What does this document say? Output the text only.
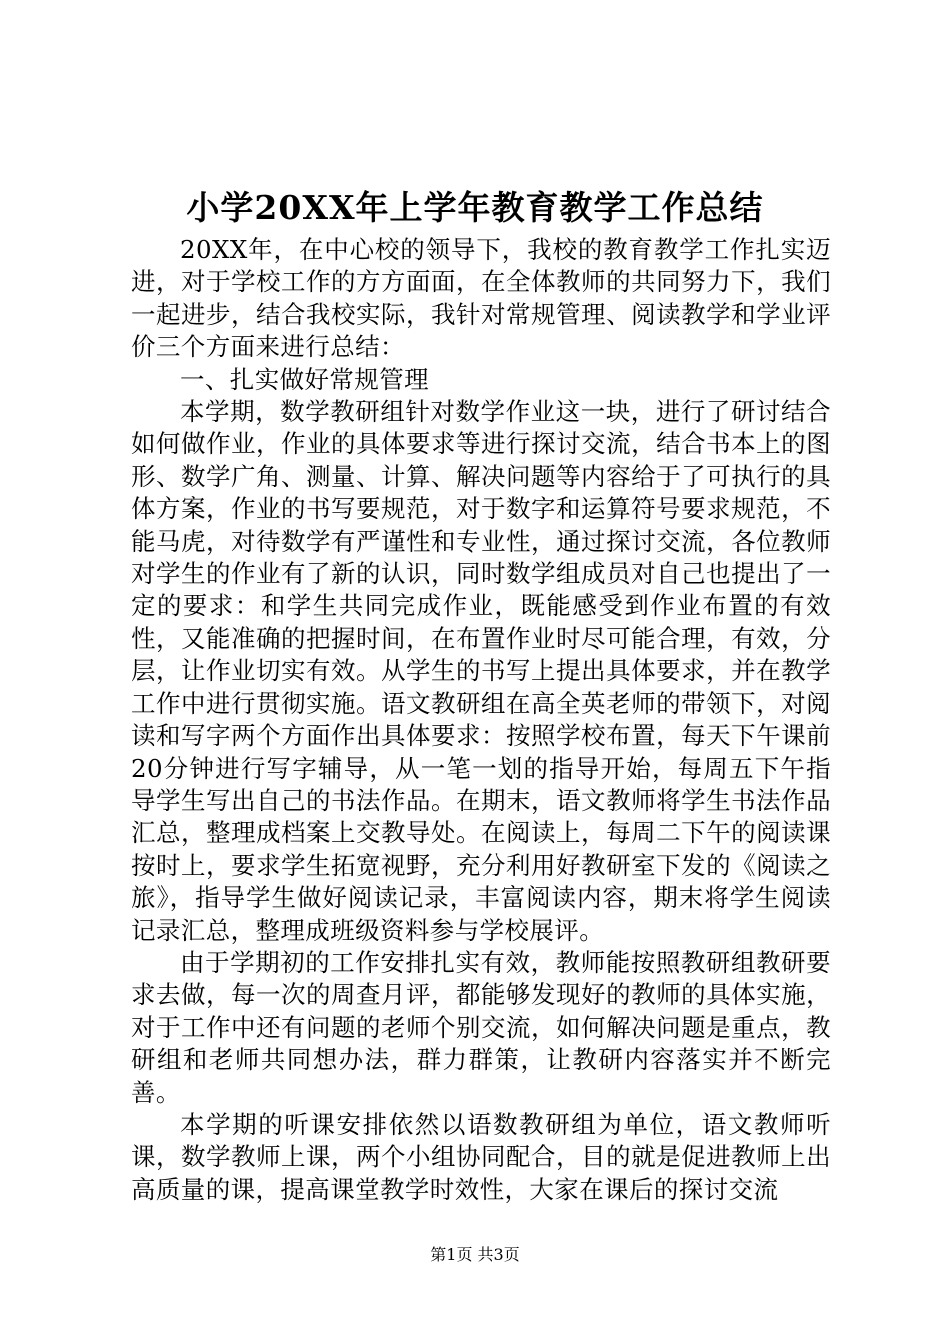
小学20XX年上学年教育教学工作总结

20XX年，在中心校的领导下，我校的教育教学工作扎实迈进，对于学校工作的方方面面，在全体教师的共同努力下，我们一起进步，结合我校实际，我针对常规管理、阅读教学和学业评价三个方面来进行总结：

一、扎实做好常规管理

本学期，数学教研组针对数学作业这一块，进行了研讨结合如何做作业，作业的具体要求等进行探讨交流，结合书本上的图形、数学广角、测量、计算、解决问题等内容给于了可执行的具体方案，作业的书写要规范，对于数字和运算符号要求规范，不能马虎，对待数学有严谨性和专业性，通过探讨交流，各位教师对学生的作业有了新的认识，同时数学组成员对自己也提出了一定的要求：和学生共同完成作业，既能感受到作业布置的有效性，又能准确的把握时间，在布置作业时尽可能合理，有效，分层，让作业切实有效。从学生的书写上提出具体要求，并在教学工作中进行贯彻实施。语文教研组在高全英老师的带领下，对阅读和写字两个方面作出具体要求：按照学校布置，每天下午课前20分钟进行写字辅导，从一笔一划的指导开始，每周五下午指导学生写出自己的书法作品。在期末，语文教师将学生书法作品汇总，整理成档案上交教导处。在阅读上，每周二下午的阅读课按时上，要求学生拓宽视野，充分利用好教研室下发的《阅读之旅》，指导学生做好阅读记录，丰富阅读内容，期末将学生阅读记录汇总，整理成班级资料参与学校展评。

由于学期初的工作安排扎实有效，教师能按照教研组教研要求去做，每一次的周查月评，都能够发现好的教师的具体实施，对于工作中还有问题的老师个别交流，如何解决问题是重点，教研组和老师共同想办法，群力群策，让教研内容落实并不断完善。

本学期的听课安排依然以语数教研组为单位，语文教师听课，数学教师上课，两个小组协同配合，目的就是促进教师上出高质量的课，提高课堂教学时效性，大家在课后的探讨交流

第1页 共3页
